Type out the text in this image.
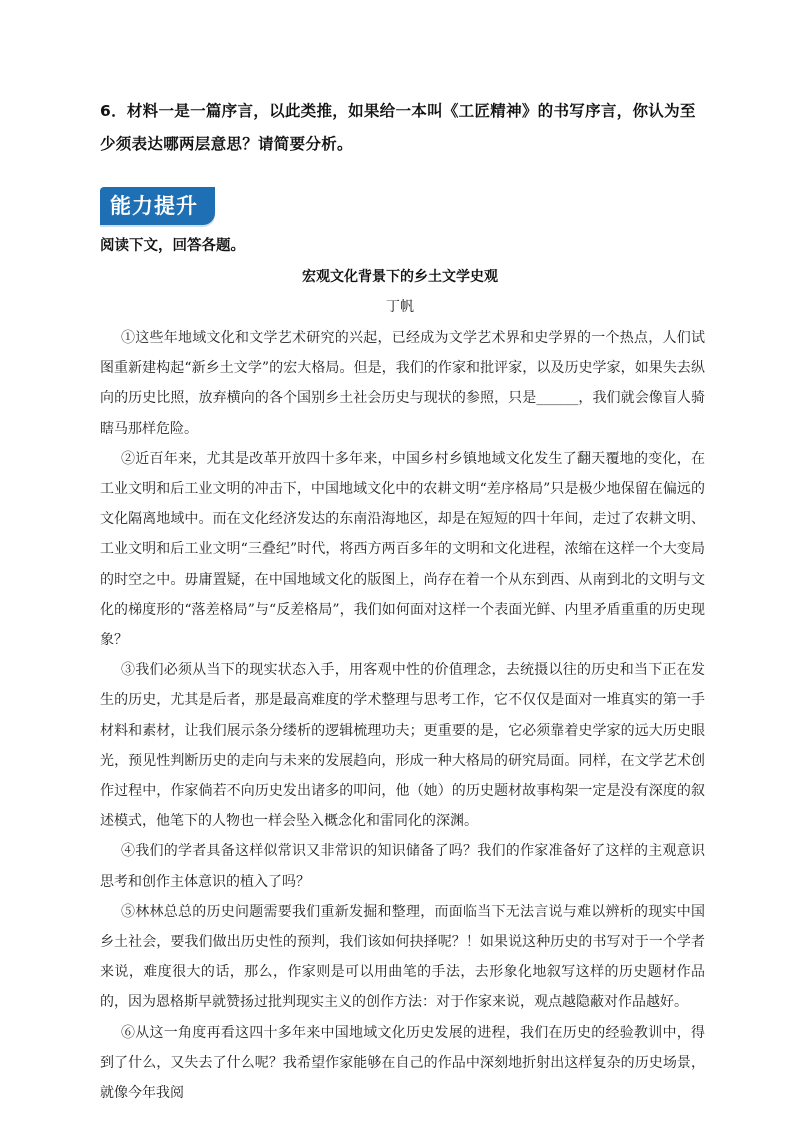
6．材料一是一篇序言，以此类推，如果给一本叫《工匠精神》的书写序言，你认为至少须表达哪两层意思？请简要分析。
能力提升
阅读下文，回答各题。
宏观文化背景下的乡土文学史观
丁帆

①这些年地域文化和文学艺术研究的兴起，已经成为文学艺术界和史学界的一个热点，人们试图重新建构起“新乡土文学”的宏大格局。但是，我们的作家和批评家，以及历史学家，如果失去纵向的历史比照，放弃横向的各个国别乡土社会历史与现状的参照，只是______，我们就会像盲人骑瞎马那样危险。

②近百年来，尤其是改革开放四十多年来，中国乡村乡镇地域文化发生了翻天覆地的变化，在工业文明和后工业文明的冲击下，中国地域文化中的农耕文明“差序格局”只是极少地保留在偏远的文化隔离地域中。而在文化经济发达的东南沿海地区，却是在短短的四十年间，走过了农耕文明、工业文明和后工业文明“三叠纪”时代，将西方两百多年的文明和文化进程，浓缩在这样一个大变局的时空之中。毋庸置疑，在中国地域文化的版图上，尚存在着一个从东到西、从南到北的文明与文化的梯度形的“落差格局”与“反差格局”，我们如何面对这样一个表面光鲜、内里矛盾重重的历史现象？

③我们必须从当下的现实状态入手，用客观中性的价值理念，去统摄以往的历史和当下正在发生的历史，尤其是后者，那是最高难度的学术整理与思考工作，它不仅仅是面对一堆真实的第一手材料和素材，让我们展示条分缕析的逻辑梳理功夫；更重要的是，它必须靠着史学家的远大历史眼光，预见性判断历史的走向与未来的发展趋向，形成一种大格局的研究局面。同样，在文学艺术创作过程中，作家倘若不向历史发出诸多的叩问，他（她）的历史题材故事构架一定是没有深度的叙述模式，他笔下的人物也一样会坠入概念化和雷同化的深渊。

④我们的学者具备这样似常识又非常识的知识储备了吗？我们的作家准备好了这样的主观意识思考和创作主体意识的植入了吗？

⑤林林总总的历史问题需要我们重新发掘和整理，而面临当下无法言说与难以辨析的现实中国乡土社会，要我们做出历史性的预判，我们该如何抉择呢？！如果说这种历史的书写对于一个学者来说，难度很大的话，那么，作家则是可以用曲笔的手法，去形象化地叙写这样的历史题材作品的，因为恩格斯早就赞扬过批判现实主义的创作方法：对于作家来说，观点越隐蔽对作品越好。

⑥从这一角度再看这四十多年来中国地域文化历史发展的进程，我们在历史的经验教训中，得到了什么，又失去了什么呢？我希望作家能够在自己的作品中深刻地折射出这样复杂的历史场景，就像今年我阅
